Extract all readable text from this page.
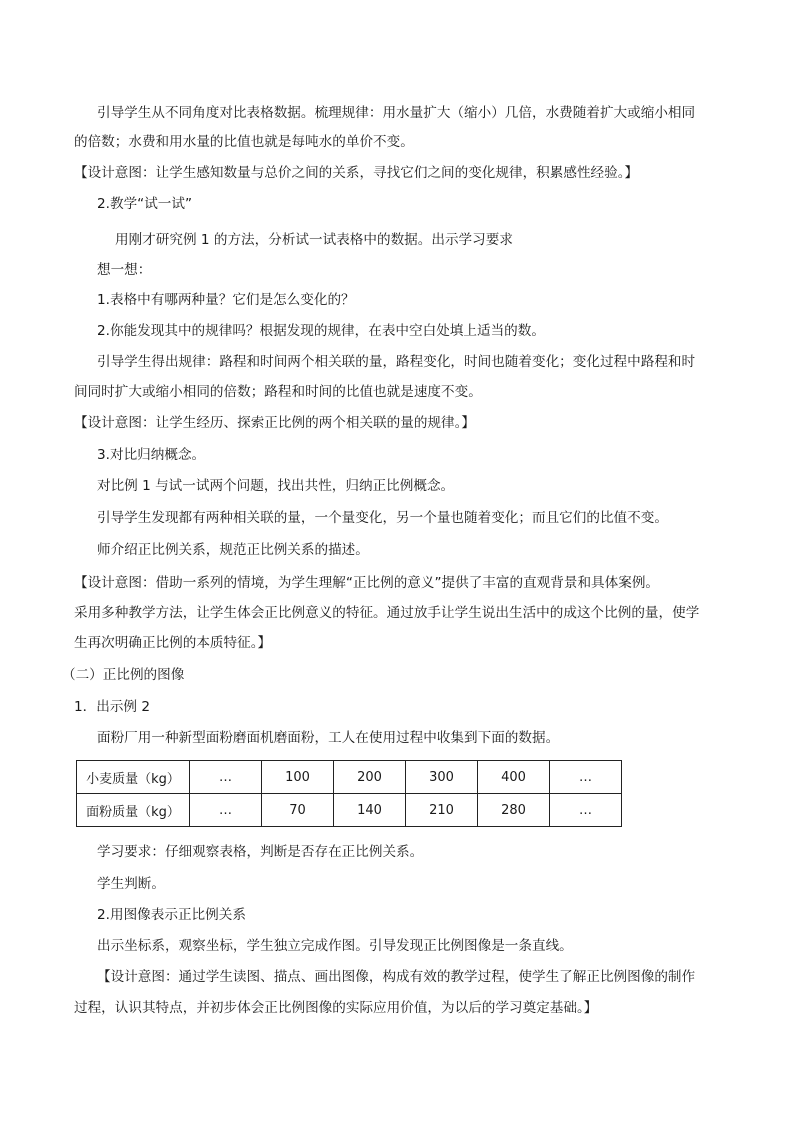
引导学生从不同角度对比表格数据。梳理规律：用水量扩大（缩小）几倍，水费随着扩大或缩小相同
的倍数；水费和用水量的比值也就是每吨水的单价不变。
【设计意图：让学生感知数量与总价之间的关系，寻找它们之间的变化规律，积累感性经验。】
2.教学“试一试”
用刚才研究例 1 的方法，分析试一试表格中的数据。出示学习要求
想一想：
1.表格中有哪两种量？它们是怎么变化的？
2.你能发现其中的规律吗？根据发现的规律，在表中空白处填上适当的数。
引导学生得出规律：路程和时间两个相关联的量，路程变化，时间也随着变化；变化过程中路程和时
间同时扩大或缩小相同的倍数；路程和时间的比值也就是速度不变。
【设计意图：让学生经历、探索正比例的两个相关联的量的规律。】
3.对比归纳概念。
对比例 1 与试一试两个问题，找出共性，归纳正比例概念。
引导学生发现都有两种相关联的量，一个量变化，另一个量也随着变化；而且它们的比值不变。
师介绍正比例关系，规范正比例关系的描述。
【设计意图：借助一系列的情境，为学生理解“正比例的意义”提供了丰富的直观背景和具体案例。
采用多种教学方法，让学生体会正比例意义的特征。通过放手让学生说出生活中的成这个比例的量，使学
生再次明确正比例的本质特征。】
（二）正比例的图像
1．出示例 2
面粉厂用一种新型面粉磨面机磨面粉，工人在使用过程中收集到下面的数据。
小麦质量（kg）	…	100	200	300	400	…
面粉质量（kg）	…	70	140	210	280	…
学习要求：仔细观察表格，判断是否存在正比例关系。
学生判断。
2.用图像表示正比例关系
出示坐标系，观察坐标，学生独立完成作图。引导发现正比例图像是一条直线。
【设计意图：通过学生读图、描点、画出图像，构成有效的教学过程，使学生了解正比例图像的制作
过程，认识其特点，并初步体会正比例图像的实际应用价值，为以后的学习奠定基础。】
